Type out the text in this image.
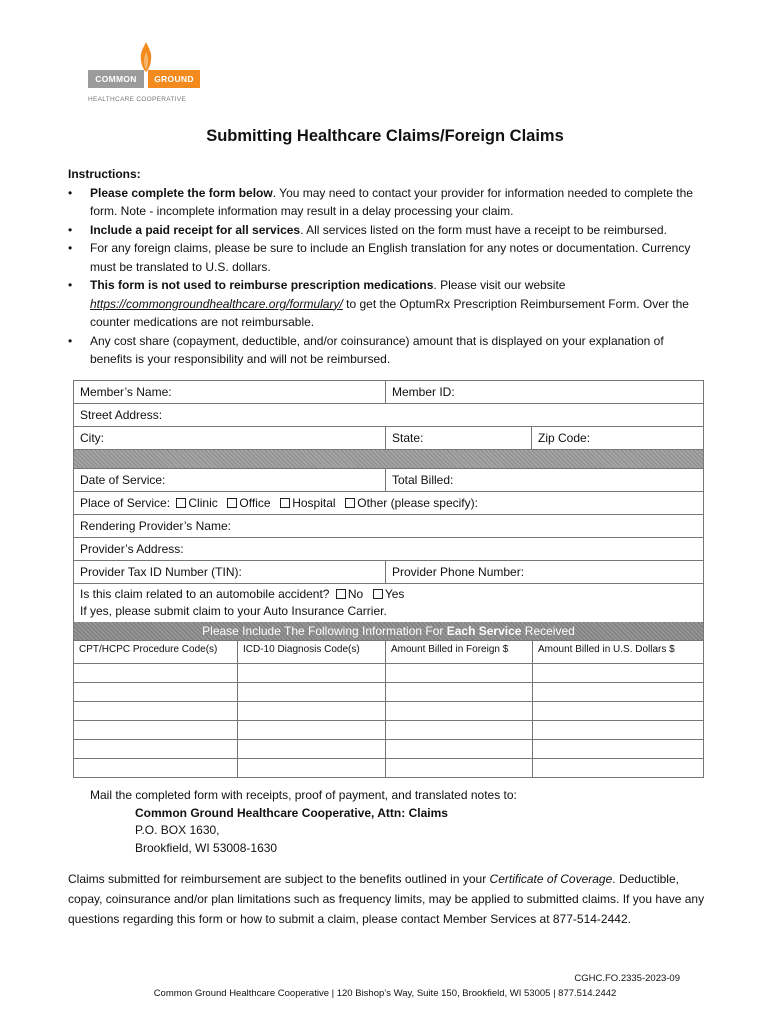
COMMON	GROUND
HEALTHCARE COOPERATIVE
Submitting Healthcare Claims/Foreign Claims
Instructions:
• Please complete the form below. You may need to contact your provider for information needed to complete the form. Note - incomplete information may result in a delay processing your claim.
• Include a paid receipt for all services. All services listed on the form must have a receipt to be reimbursed.
• For any foreign claims, please be sure to include an English translation for any notes or documentation. Currency must be translated to U.S. dollars.
• This form is not used to reimburse prescription medications. Please visit our website
https://commongroundhealthcare.org/formulary/ to get the OptumRx Prescription Reimbursement Form. Over the counter medications are not reimbursable.
• Any cost share (copayment, deductible, and/or coinsurance) amount that is displayed on your explanation of benefits is your responsibility and will not be reimbursed.
Member’s Name:	Member ID:
Street Address:
City:	State:	Zip Code:
Date of Service:	Total Billed:
Place of Service: Clinic Office Hospital Other (please specify):
Rendering Provider’s Name:
Provider’s Address:
Provider Tax ID Number (TIN):	Provider Phone Number:
Is this claim related to an automobile accident? No Yes
If yes, please submit claim to your Auto Insurance Carrier.
Please Include The Following Information For Each Service Received
CPT/HCPC Procedure Code(s)	ICD-10 Diagnosis Code(s)	Amount Billed in Foreign $	Amount Billed in U.S. Dollars $
Mail the completed form with receipts, proof of payment, and translated notes to:
Common Ground Healthcare Cooperative, Attn: Claims
P.O. BOX 1630,
Brookfield, WI 53008-1630
Claims submitted for reimbursement are subject to the benefits outlined in your Certificate of Coverage. Deductible, copay, coinsurance and/or plan limitations such as frequency limits, may be applied to submitted claims. If you have any questions regarding this form or how to submit a claim, please contact Member Services at 877-514-2442.
CGHC.FO.2335-2023-09
Common Ground Healthcare Cooperative | 120 Bishop’s Way, Suite 150, Brookfield, WI 53005 | 877.514.2442
